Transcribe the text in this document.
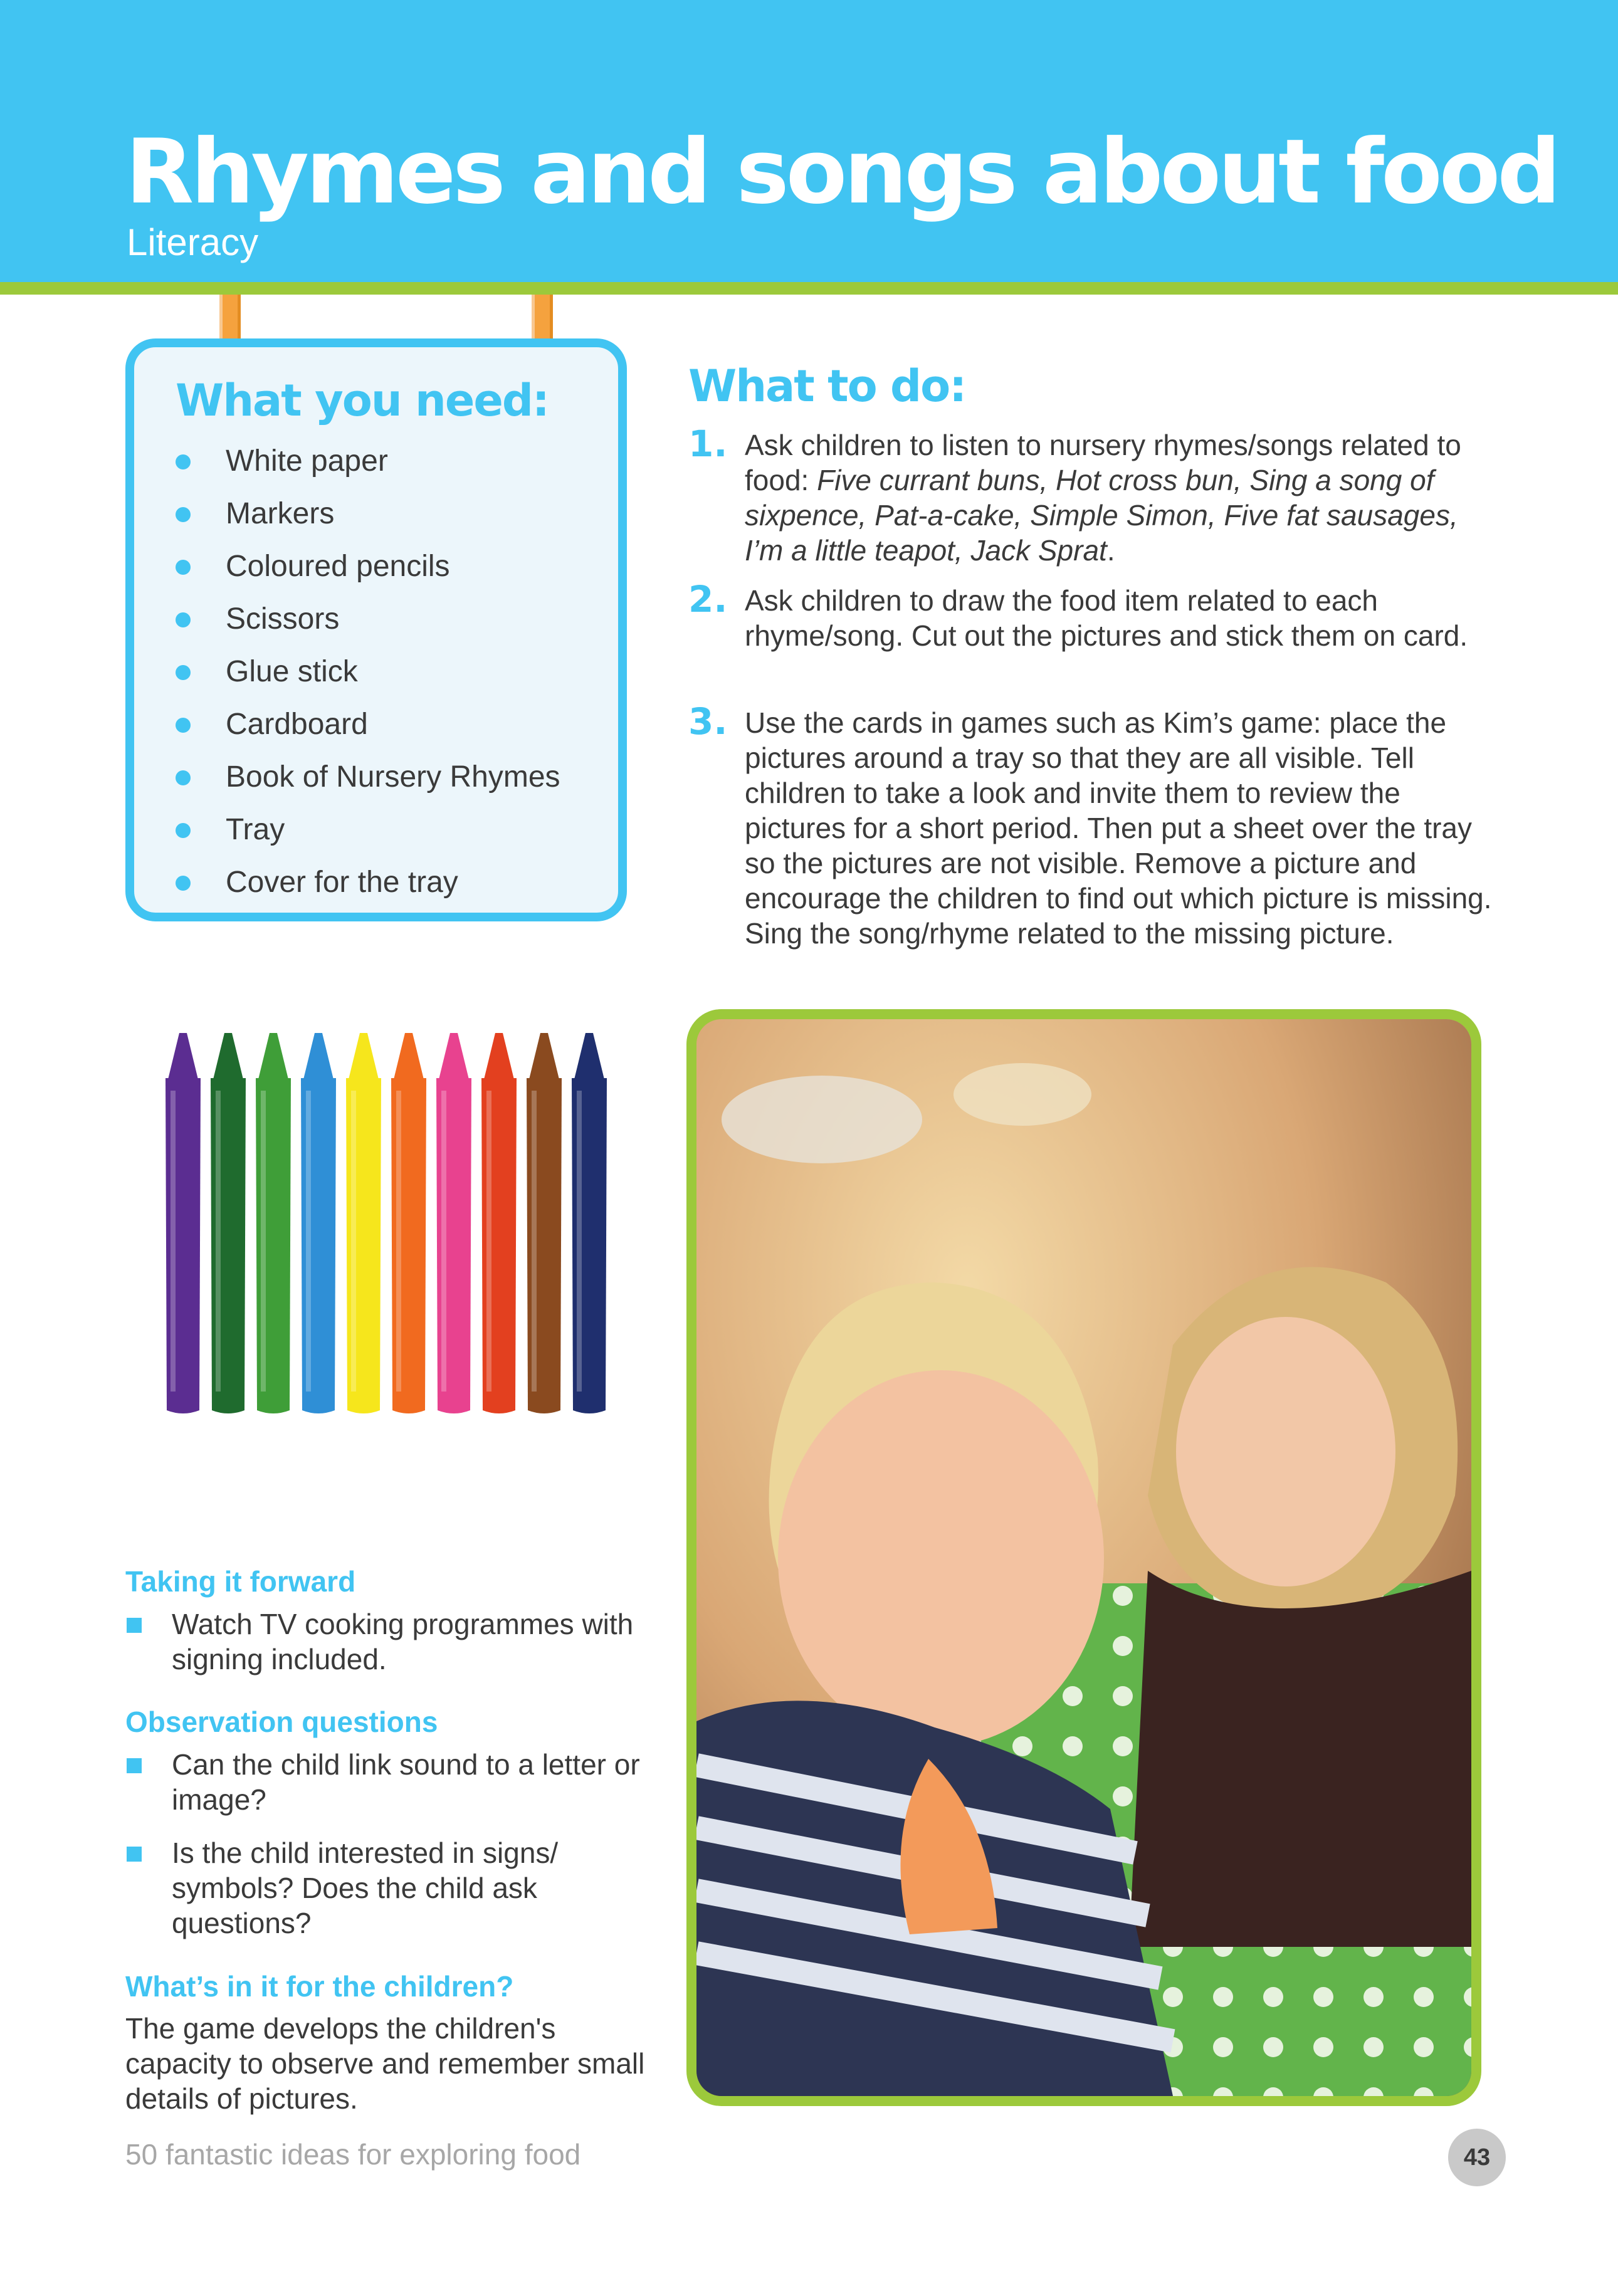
Rhymes and songs about food
Literacy
What you need:
White paper
Markers
Coloured pencils
Scissors
Glue stick
Cardboard
Book of Nursery Rhymes
Tray
Cover for the tray
What to do:
1. Ask children to listen to nursery rhymes/songs related to food: Five currant buns, Hot cross bun, Sing a song of sixpence, Pat-a-cake, Simple Simon, Five fat sausages, I’m a little teapot, Jack Sprat.
2. Ask children to draw the food item related to each rhyme/song. Cut out the pictures and stick them on card.
3. Use the cards in games such as Kim’s game: place the pictures around a tray so that they are all visible. Tell children to take a look and invite them to review the pictures for a short period. Then put a sheet over the tray so the pictures are not visible. Remove a picture and encourage the children to find out which picture is missing. Sing the song/rhyme related to the missing picture.
Taking it forward
Watch TV cooking programmes with signing included.
Observation questions
Can the child link sound to a letter or image?
Is the child interested in signs/ symbols? Does the child ask questions?
What’s in it for the children?
The game develops the children's capacity to observe and remember small details of pictures.
50 fantastic ideas for exploring food	43
